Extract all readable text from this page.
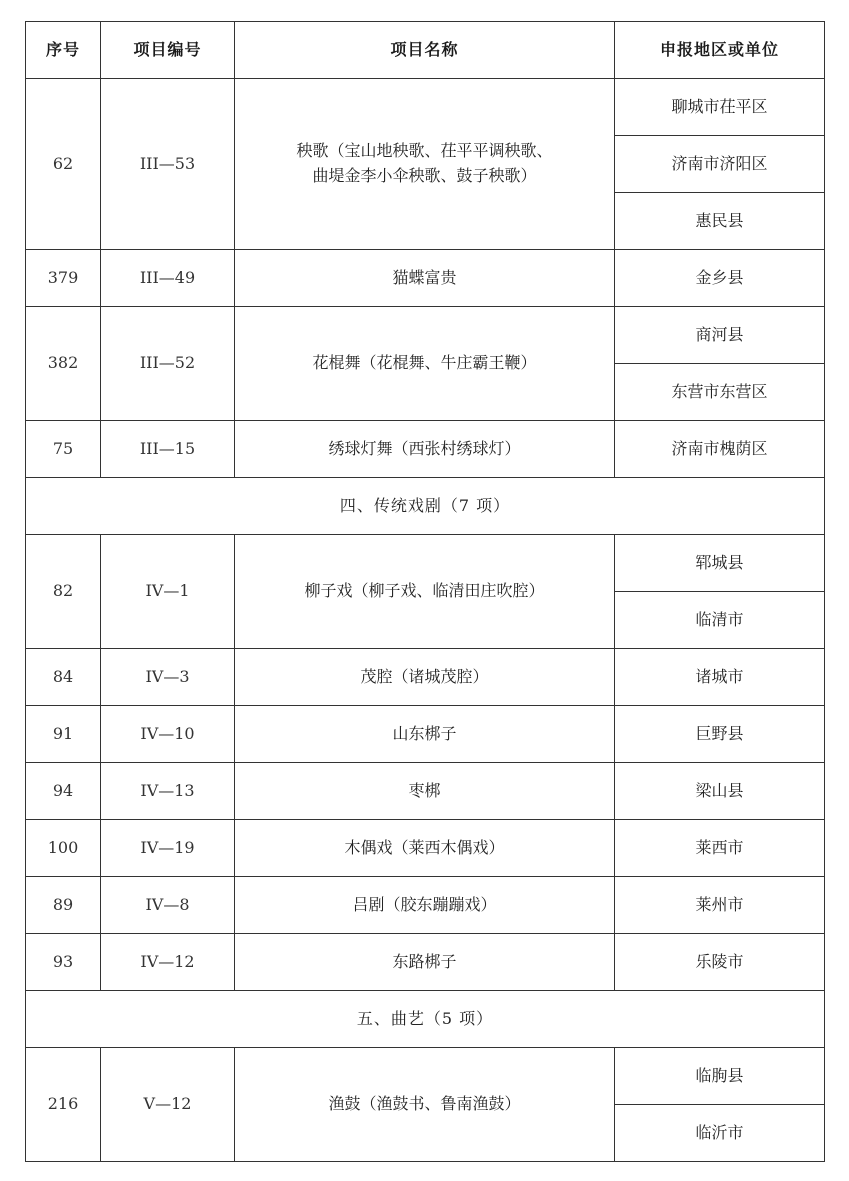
序号	项目编号	项目名称	申报地区或单位
62	III—53	秧歌（宝山地秧歌、茌平平调秧歌、
曲堤金李小伞秧歌、鼓子秧歌）	聊城市茌平区
			济南市济阳区
			惠民县
379	III—49	猫蝶富贵	金乡县
382	III—52	花棍舞（花棍舞、牛庄霸王鞭）	商河县
			东营市东营区
75	III—15	绣球灯舞（西张村绣球灯）	济南市槐荫区
四、传统戏剧（7 项）			
82	IV—1	柳子戏（柳子戏、临清田庄吹腔）	郓城县
			临清市
84	IV—3	茂腔（诸城茂腔）	诸城市
91	IV—10	山东梆子	巨野县
94	IV—13	枣梆	梁山县
100	IV—19	木偶戏（莱西木偶戏）	莱西市
89	IV—8	吕剧（胶东蹦蹦戏）	莱州市
93	IV—12	东路梆子	乐陵市
五、曲艺（5 项）			
216	V—12	渔鼓（渔鼓书、鲁南渔鼓）	临朐县
			临沂市
